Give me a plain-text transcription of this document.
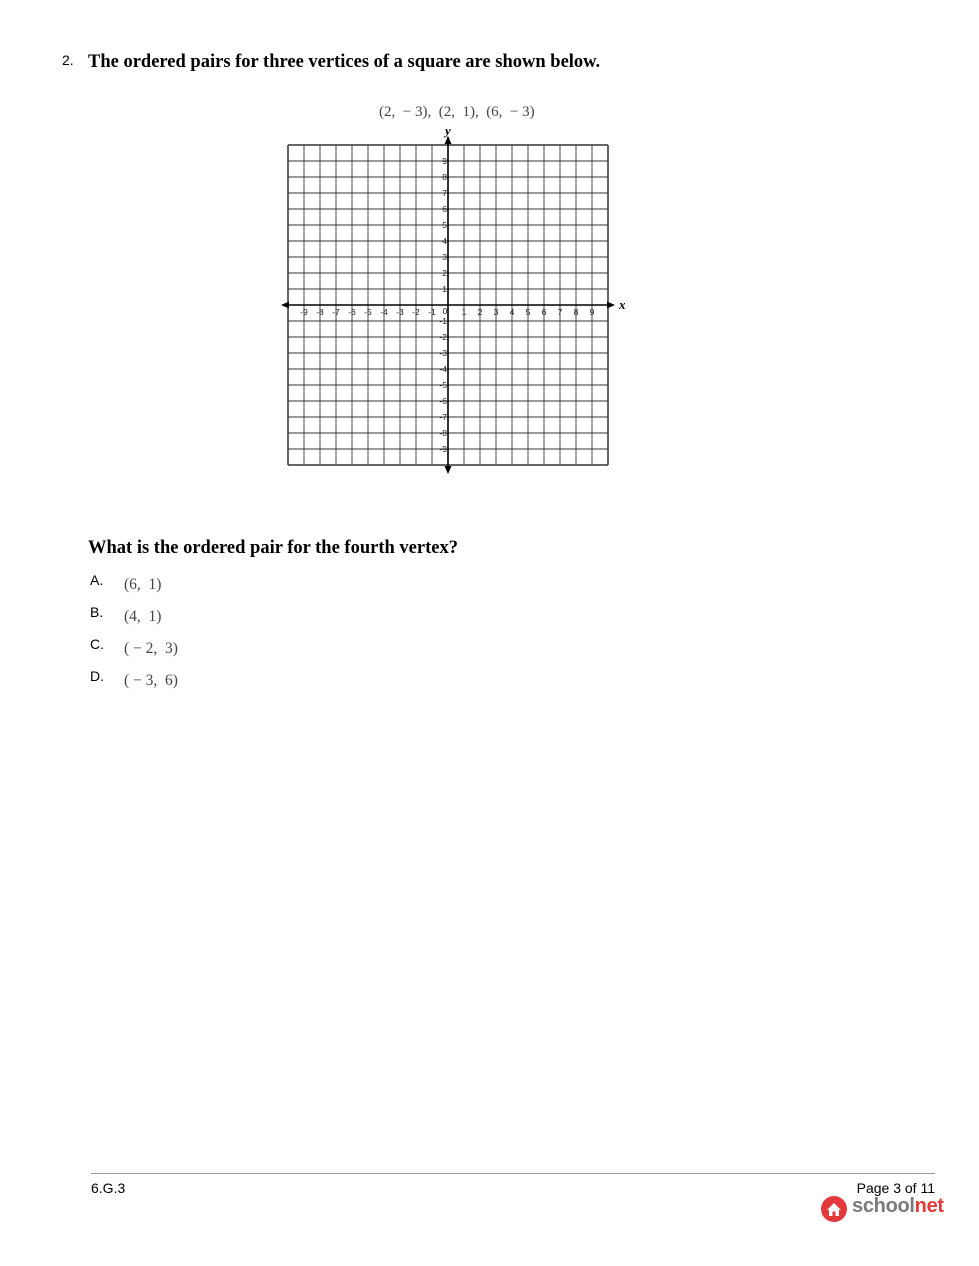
2. The ordered pairs for three vertices of a square are shown below.
(2,  − 3),  (2,  1),  (6,  − 3)
x
y
-9 -8 -7 -6 -5 -4 -3 -2 -1	1 2 3 4 5 6 7 8 9
0
1
2
3
4
5
6
7
8
9
-1
-2
-3
-4
-5
-6
-7
-8
-9
What is the ordered pair for the fourth vertex?
A. (6,  1)
B. (4,  1)
C. ( − 2,  3)
D. ( − 3,  6)
6.G.3	Page 3 of 11
schoolnet
